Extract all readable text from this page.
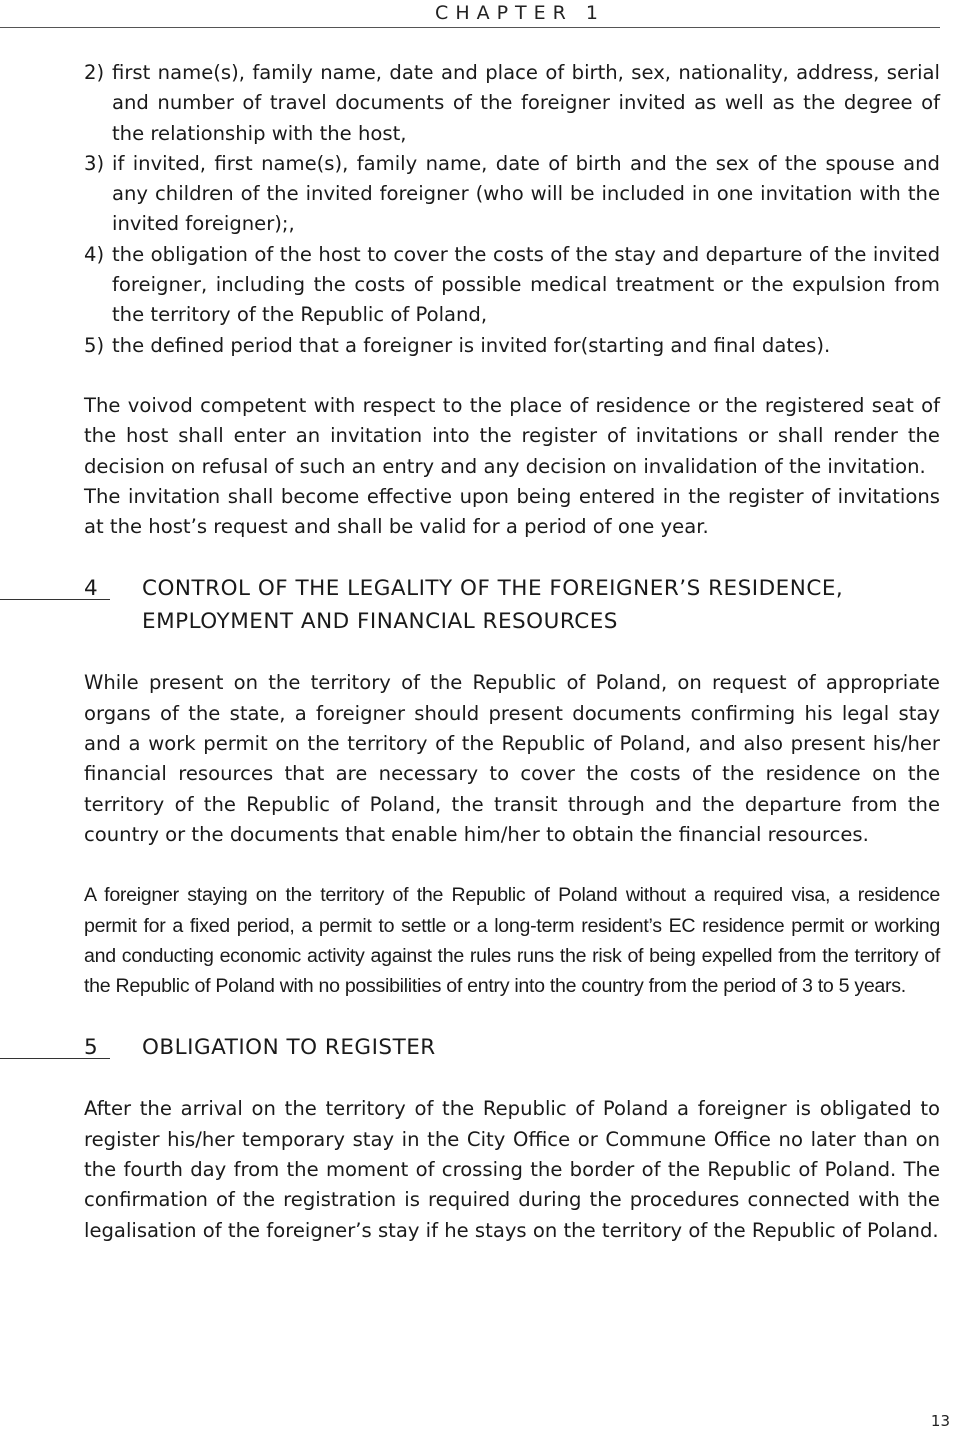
CHAPTER 1
2) first name(s), family name, date and place of birth, sex, nationality, address, serial and number of travel documents of the foreigner invited as well as the degree of the relationship with the host,
3) if invited, first name(s), family name, date of birth and the sex of the spouse and any children of the invited foreigner (who will be included in one invitation with the invited foreigner);,
4) the obligation of the host to cover the costs of the stay and departure of the invited foreigner, including the costs of possible medical treatment or the expulsion from the territory of the Republic of Poland,
5) the defined period that a foreigner is invited for(starting and final dates).

The voivod competent with respect to the place of residence or the registered seat of the host shall enter an invitation into the register of invitations or shall render the decision on refusal of such an entry and any decision on invalidation of the invitation.

The invitation shall become effective upon being entered in the register of invitations at the host’s request and shall be valid for a period of one year.

4	CONTROL OF THE LEGALITY OF THE FOREIGNER’S RESIDENCE, EMPLOYMENT AND FINANCIAL RESOURCES

While present on the territory of the Republic of Poland, on request of appropriate organs of the state, a foreigner should present documents confirming his legal stay and a work permit on the territory of the Republic of Poland, and also present his/her financial resources that are necessary to cover the costs of the residence on the territory of the Republic of Poland, the transit through and the departure from the country or the documents that enable him/her to obtain the financial resources.

A foreigner staying on the territory of the Republic of Poland without a required visa, a residence permit for a fixed period, a permit to settle or a long-term resident’s EC residence permit or working and conducting economic activity against the rules runs the risk of being expelled from the territory of the Republic of Poland with no possibilities of entry into the country from the period of 3 to 5 years.

5	OBLIGATION TO REGISTER

After the arrival on the territory of the Republic of Poland a foreigner is obligated to register his/her temporary stay in the City Office or Commune Office no later than on the fourth day from the moment of crossing the border of the Republic of Poland. The confirmation of the registration is required during the procedures connected with the legalisation of the foreigner’s stay if he stays on the territory of the Republic of Poland.

13
